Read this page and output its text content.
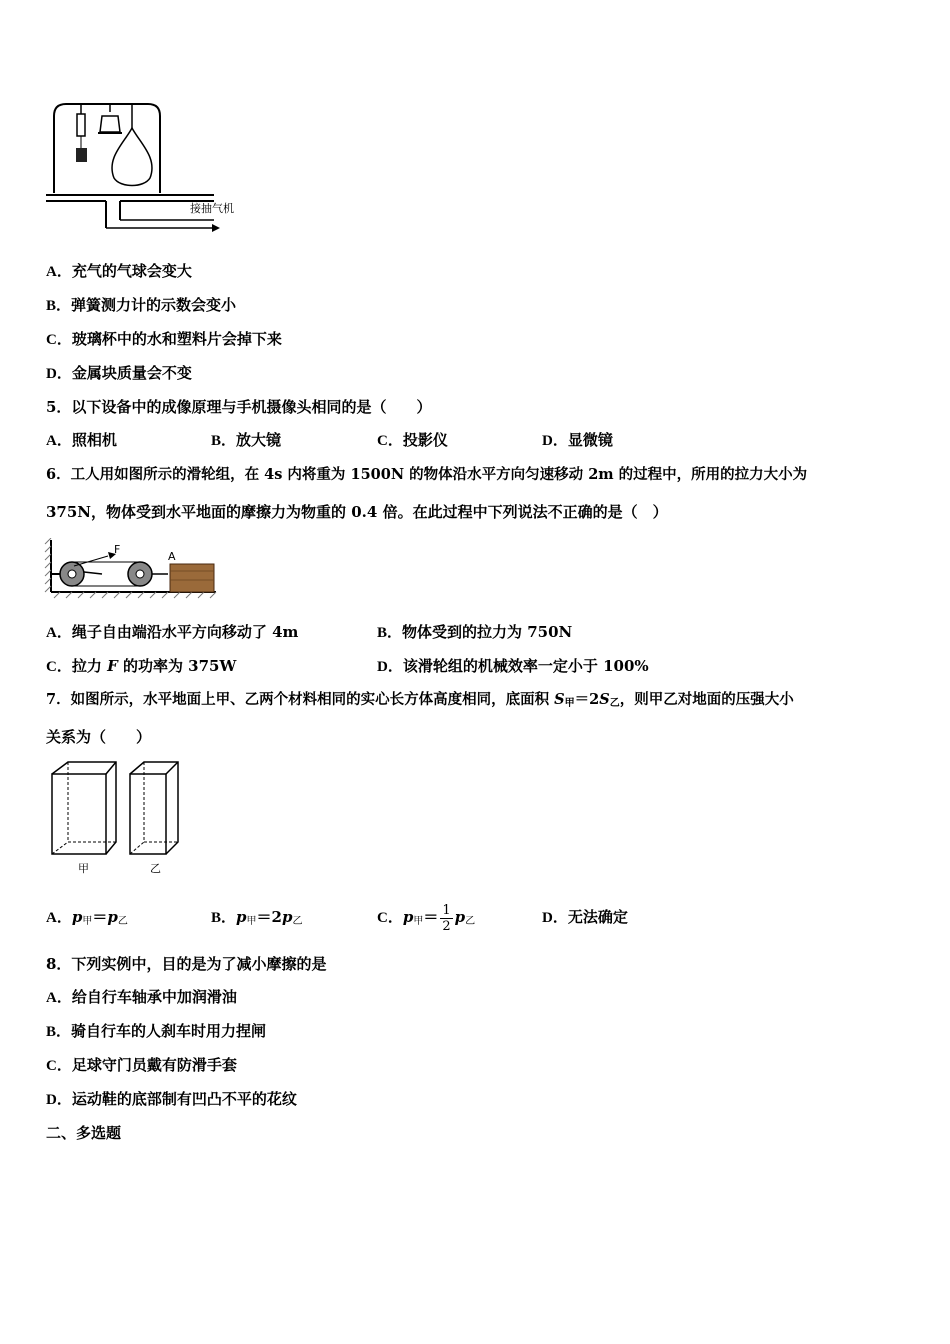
接抽气机
A．充气的气球会变大
B．弹簧测力计的示数会变小
C．玻璃杯中的水和塑料片会掉下来
D．金属块质量会不变
5．以下设备中的成像原理与手机摄像头相同的是（　　）
A．照相机	B．放大镜	C．投影仪	D．显微镜
6．工人用如图所示的滑轮组，在 4s 内将重为 1500N 的物体沿水平方向匀速移动 2m 的过程中，所用的拉力大小为
375N，物体受到水平地面的摩擦力为物重的 0.4 倍。在此过程中下列说法不正确的是（　）
F
A
A．绳子自由端沿水平方向移动了 4m	B．物体受到的拉力为 750N
C．拉力 F 的功率为 375W	D．该滑轮组的机械效率一定小于 100%
7．如图所示，水平地面上甲、乙两个材料相同的实心长方体高度相同，底面积 S甲＝2S乙，则甲乙对地面的压强大小
关系为（　　）
甲	乙
A．p甲＝p乙	B．p甲＝2p乙	C．p甲＝ $\frac{1}{2}$ p乙	D．无法确定
8．下列实例中，目的是为了减小摩擦的是
A．给自行车轴承中加润滑油
B．骑自行车的人刹车时用力捏闸
C．足球守门员戴有防滑手套
D．运动鞋的底部制有凹凸不平的花纹
二、多选题
